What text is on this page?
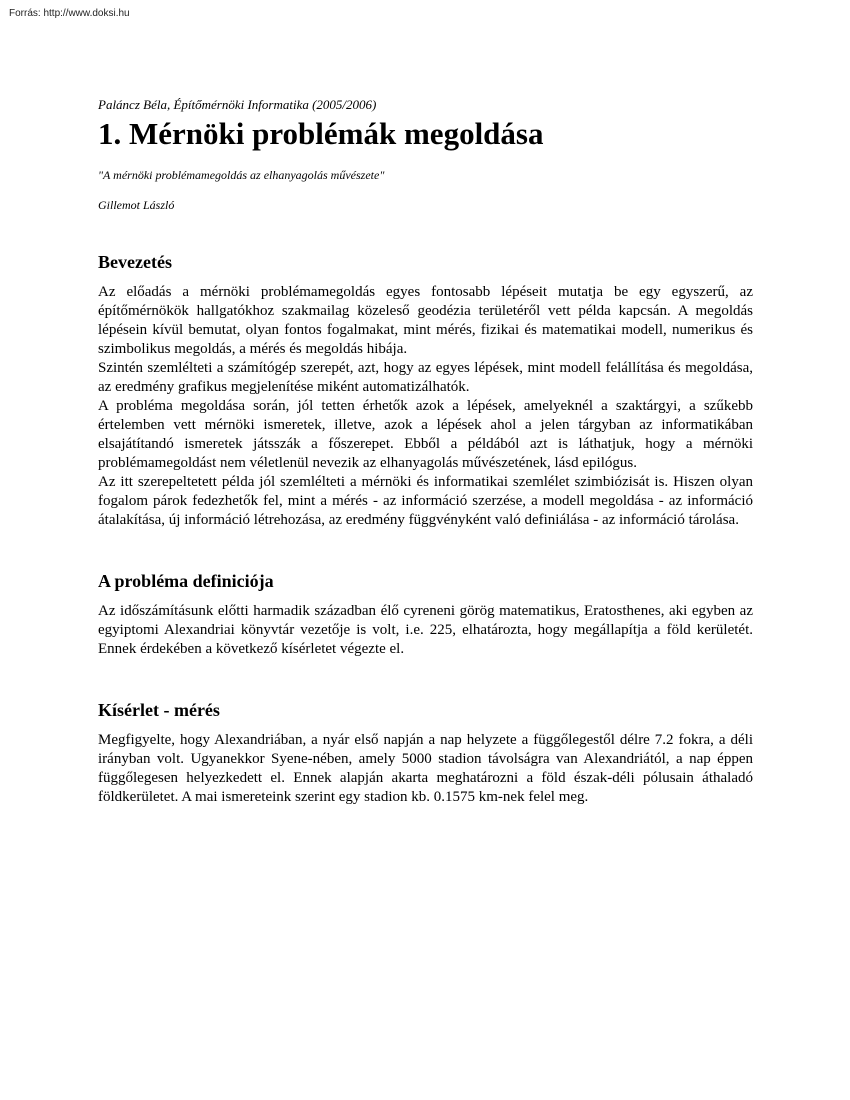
Forrás: http://www.doksi.hu

Paláncz Béla, Építőmérnöki Informatika (2005/2006)

1. Mérnöki problémák megoldása

"A mérnöki problémamegoldás az elhanyagolás művészete"

Gillemot László

Bevezetés

Az előadás a mérnöki problémamegoldás egyes fontosabb lépéseit mutatja be egy egyszerű, az építőmérnökök hallgatókhoz szakmailag közeleső geodézia területéről vett példa kapcsán. A megoldás lépésein kívül bemutat, olyan fontos fogalmakat, mint mérés, fizikai és matematikai modell, numerikus és szimbolikus megoldás, a mérés és megoldás hibája.

Szintén szemlélteti a számítógép szerepét, azt, hogy az egyes lépések, mint modell felállítása és megoldása, az eredmény grafikus megjelenítése miként automatizálhatók.

A probléma megoldása során, jól tetten érhetők azok a lépések, amelyeknél a szaktárgyi, a szűkebb értelemben vett mérnöki ismeretek, illetve, azok a lépések ahol a jelen tárgyban az informatikában elsajátítandó ismeretek játsszák a főszerepet. Ebből a példából azt is láthatjuk, hogy a mérnöki problémamegoldást nem véletlenül nevezik az elhanyagolás művészetének, lásd epilógus.

Az itt szerepeltetett példa jól szemlélteti a mérnöki és informatikai szemlélet szimbiózisát is. Hiszen olyan fogalom párok fedezhetők fel, mint a mérés - az információ szerzése, a modell megoldása - az információ átalakítása, új információ létrehozása, az eredmény függvényként való definiálása - az információ tárolása.

A probléma definiciója

Az időszámításunk előtti harmadik században élő cyreneni görög matematikus, Eratosthenes, aki egyben az egyiptomi Alexandriai könyvtár vezetője is volt, i.e. 225, elhatározta, hogy megállapítja a föld kerületét. Ennek érdekében a következő kísérletet végezte el.

Kísérlet - mérés

Megfigyelte, hogy Alexandriában, a nyár első napján a nap helyzete a függőlegestől délre 7.2 fokra, a déli irányban volt. Ugyanekkor Syene-nében, amely 5000 stadion távolságra van Alexandriától, a nap éppen függőlegesen helyezkedett el. Ennek alapján akarta meghatározni a föld észak-déli pólusain áthaladó földkerületet. A mai ismereteink szerint egy stadion kb. 0.1575 km-nek felel meg.
